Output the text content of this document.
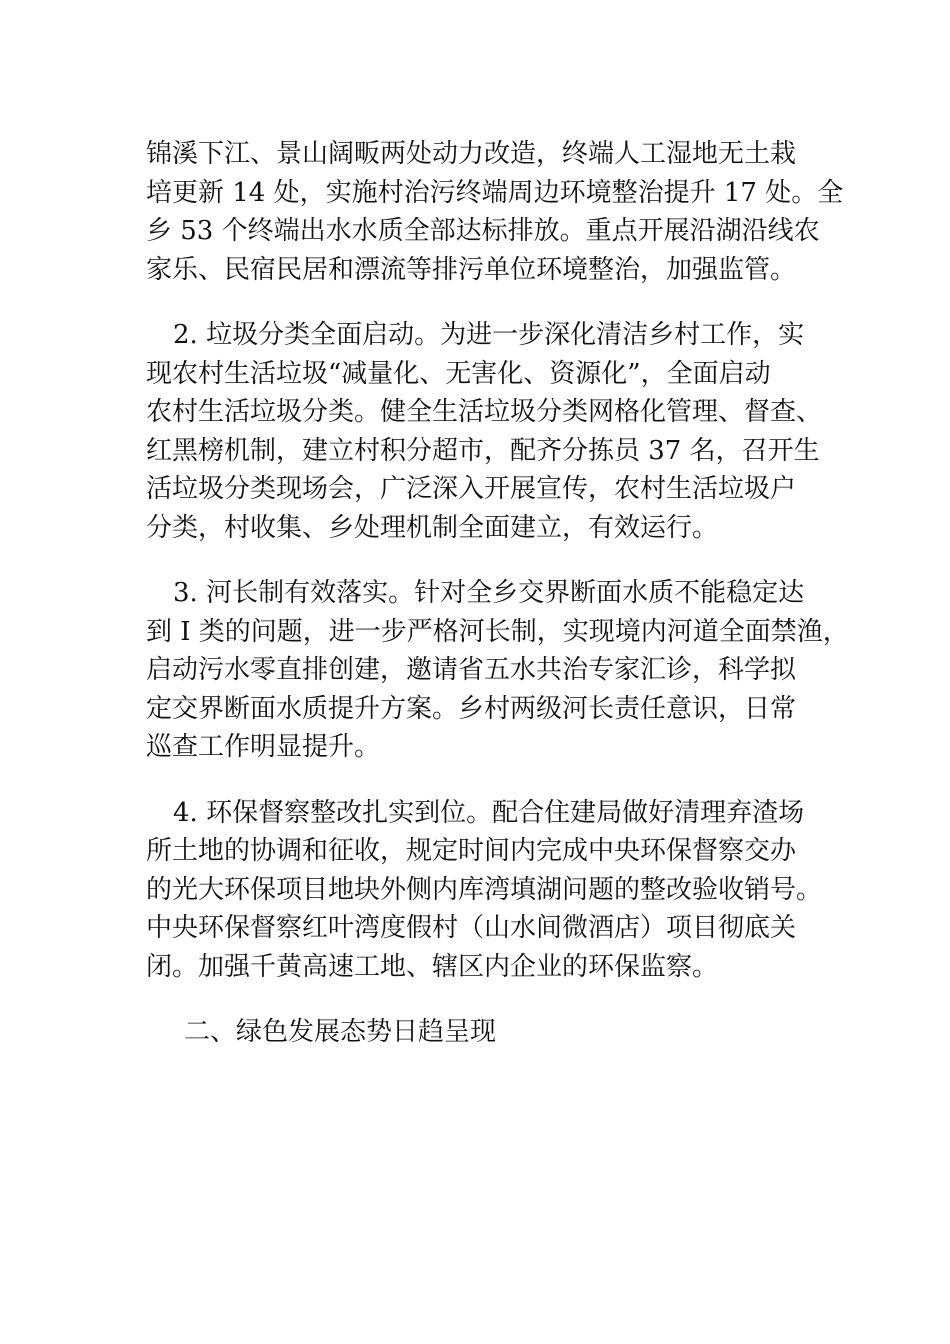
锦溪下江、景山阔畈两处动力改造，终端人工湿地无土栽
培更新 14 处，实施村治污终端周边环境整治提升 17 处。全
乡 53 个终端出水水质全部达标排放。重点开展沿湖沿线农
家乐、民宿民居和漂流等排污单位环境整治，加强监管。
2. 垃圾分类全面启动。为进一步深化清洁乡村工作，实
现农村生活垃圾“减量化、无害化、资源化”，全面启动
农村生活垃圾分类。健全生活垃圾分类网格化管理、督查、
红黑榜机制，建立村积分超市，配齐分拣员 37 名，召开生
活垃圾分类现场会，广泛深入开展宣传，农村生活垃圾户
分类，村收集、乡处理机制全面建立，有效运行。
3. 河长制有效落实。针对全乡交界断面水质不能稳定达
到 I 类的问题，进一步严格河长制，实现境内河道全面禁渔，
启动污水零直排创建，邀请省五水共治专家汇诊，科学拟
定交界断面水质提升方案。乡村两级河长责任意识，日常
巡查工作明显提升。
4. 环保督察整改扎实到位。配合住建局做好清理弃渣场
所土地的协调和征收，规定时间内完成中央环保督察交办
的光大环保项目地块外侧内库湾填湖问题的整改验收销号。
中央环保督察红叶湾度假村（山水间微酒店）项目彻底关
闭。加强千黄高速工地、辖区内企业的环保监察。
二、绿色发展态势日趋呈现
